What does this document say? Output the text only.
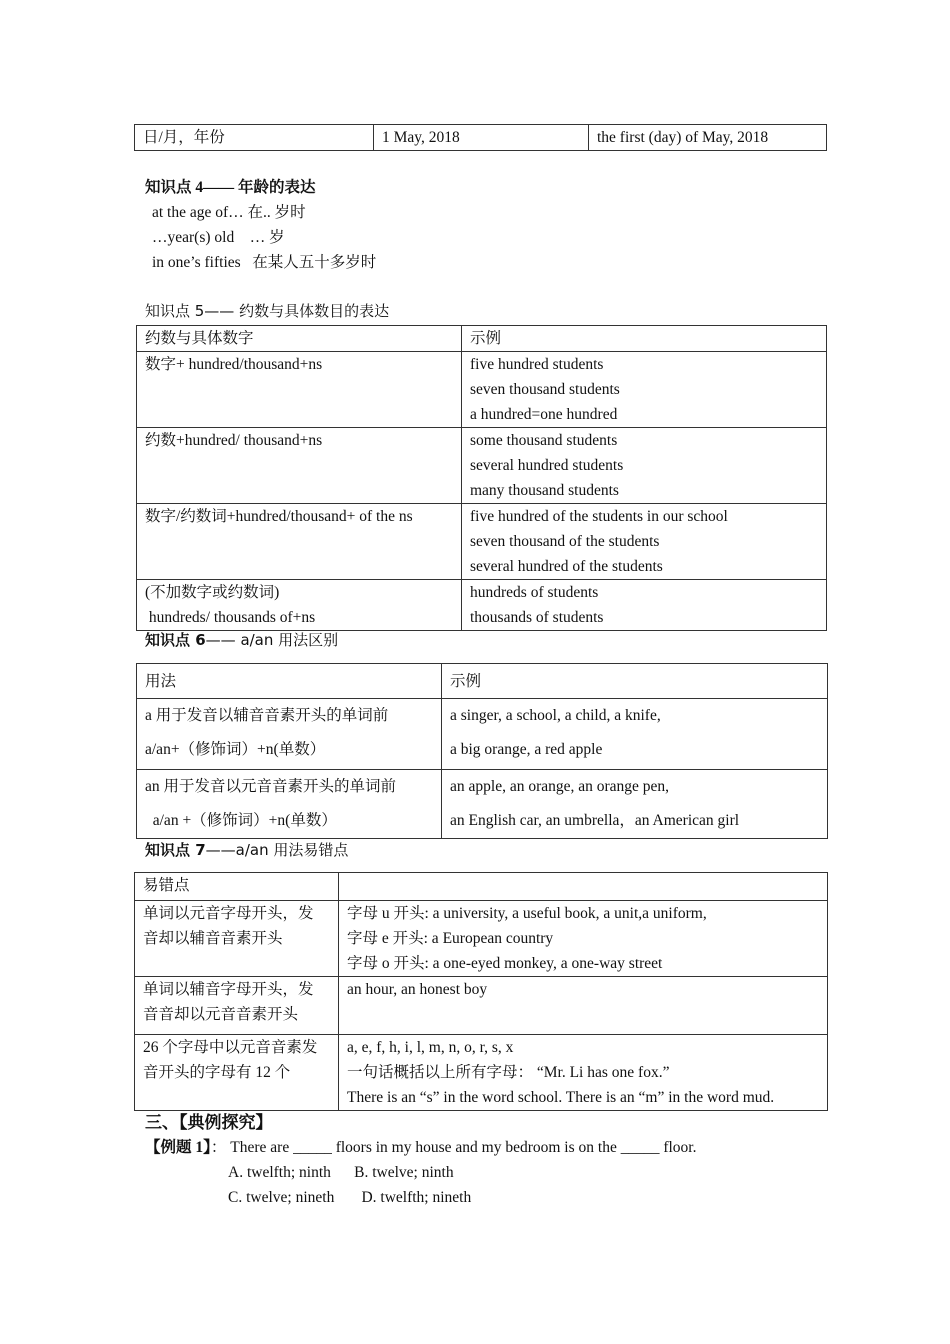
日/月，年份	1 May, 2018	the first (day) of May, 2018
知识点 4—— 年龄的表达
at the age of… 在.. 岁时
…year(s) old    … 岁
in one’s fifties   在某人五十多岁时
知识点 5—— 约数与具体数目的表达
约数与具体数字	示例

数字+ hundred/thousand+ns	five hundred students
seven thousand students
a hundred=one hundred

约数+hundred/ thousand+ns	some thousand students
several hundred students
many thousand students

数字/约数词+hundred/thousand+ of the ns	five hundred of the students in our school
seven thousand of the students
several hundred of the students

(不加数字或约数词)
hundreds/ thousands of+ns	hundreds of students
thousands of students
知识点 6—— a/an 用法区别
用法	示例

a 用于发音以辅音音素开头的单词前
a/an+（修饰词）+n(单数）	a singer, a school, a child, a knife,
a big orange, a red apple

an 用于发音以元音音素开头的单词前
a/an +（修饰词）+n(单数）	an apple, an orange, an orange pen,
an English car, an umbrella，an American girl
知识点 7——a/an 用法易错点
易错点	

单词以元音字母开头，发
音却以辅音音素开头	字母 u 开头: a university, a useful book, a unit,a uniform,
字母 e 开头: a European country
字母 o 开头: a one-eyed monkey, a one-way street

单词以辅音字母开头，发
音音却以元音音素开头	an hour, an honest boy

26 个字母中以元音音素发
音开头的字母有 12 个	a, e, f, h, i, l, m, n, o, r, s, x
一句话概括以上所有字母： “Mr. Li has one fox.”
There is an “s” in the word school. There is an “m” in the word mud.
三、【典例探究】
【例题 1】： There are _____ floors in my house and my bedroom is on the _____ floor.
A. twelfth; ninth      B. twelve; ninth
C. twelve; nineth       D. twelfth; nineth
